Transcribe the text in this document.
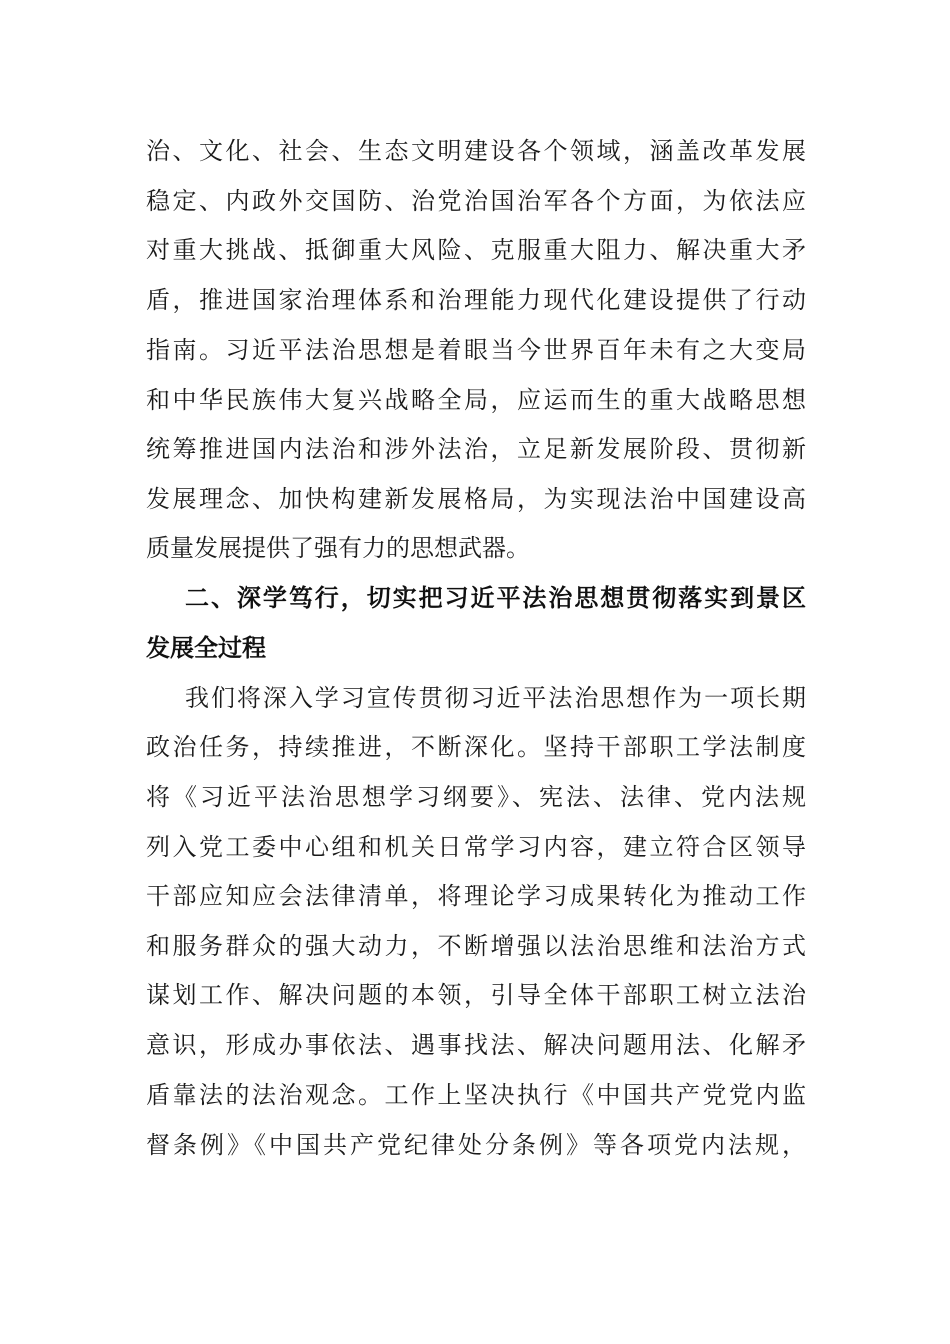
治、文化、社会、生态文明建设各个领域，涵盖改革发展
稳定、内政外交国防、治党治国治军各个方面，为依法应
对重大挑战、抵御重大风险、克服重大阻力、解决重大矛
盾，推进国家治理体系和治理能力现代化建设提供了行动
指南。习近平法治思想是着眼当今世界百年未有之大变局
和中华民族伟大复兴战略全局，应运而生的重大战略思想
统筹推进国内法治和涉外法治，立足新发展阶段、贯彻新
发展理念、加快构建新发展格局，为实现法治中国建设高
质量发展提供了强有力的思想武器。
二、深学笃行，切实把习近平法治思想贯彻落实到景区
发展全过程
我们将深入学习宣传贯彻习近平法治思想作为一项长期
政治任务，持续推进，不断深化。坚持干部职工学法制度
将《习近平法治思想学习纲要》、宪法、法律、党内法规
列入党工委中心组和机关日常学习内容，建立符合区领导
干部应知应会法律清单，将理论学习成果转化为推动工作
和服务群众的强大动力，不断增强以法治思维和法治方式
谋划工作、解决问题的本领，引导全体干部职工树立法治
意识，形成办事依法、遇事找法、解决问题用法、化解矛
盾靠法的法治观念。工作上坚决执行《中国共产党党内监
督条例》《中国共产党纪律处分条例》等各项党内法规，
